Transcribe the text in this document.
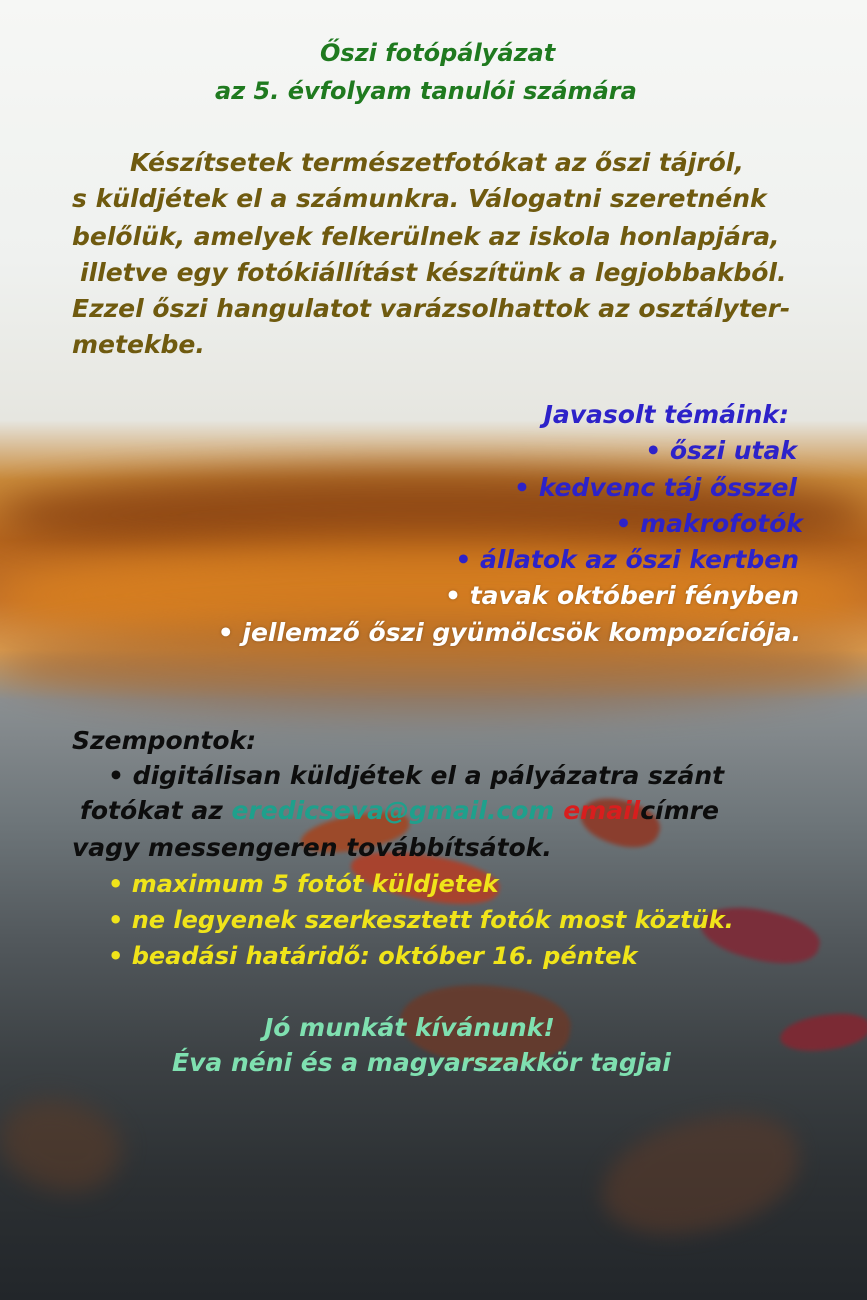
Őszi fotópályázat
az 5. évfolyam tanulói számára
Készítsetek természetfotókat az őszi tájról,
s küldjétek el a számunkra. Válogatni szeretnénk
belőlük, amelyek felkerülnek az iskola honlapjára,
illetve egy fotókiállítást készítünk a legjobbakból.
Ezzel őszi hangulatot varázsolhattok az osztályter-
metekbe.
Javasolt témáink:
• őszi utak
• kedvenc táj ősszel
• makrofotók
• állatok az őszi kertben
• tavak októberi fényben
• jellemző őszi gyümölcsök kompozíciója.
Szempontok:
• digitálisan küldjétek el a pályázatra szánt
fotókat az eredicseva@gmail.com emailcímre
vagy messengeren továbbítsátok.
• maximum 5 fotót küldjetek
• ne legyenek szerkesztett fotók most köztük.
• beadási határidő: október 16. péntek
Jó munkát kívánunk!
Éva néni és a magyarszakkör tagjai
